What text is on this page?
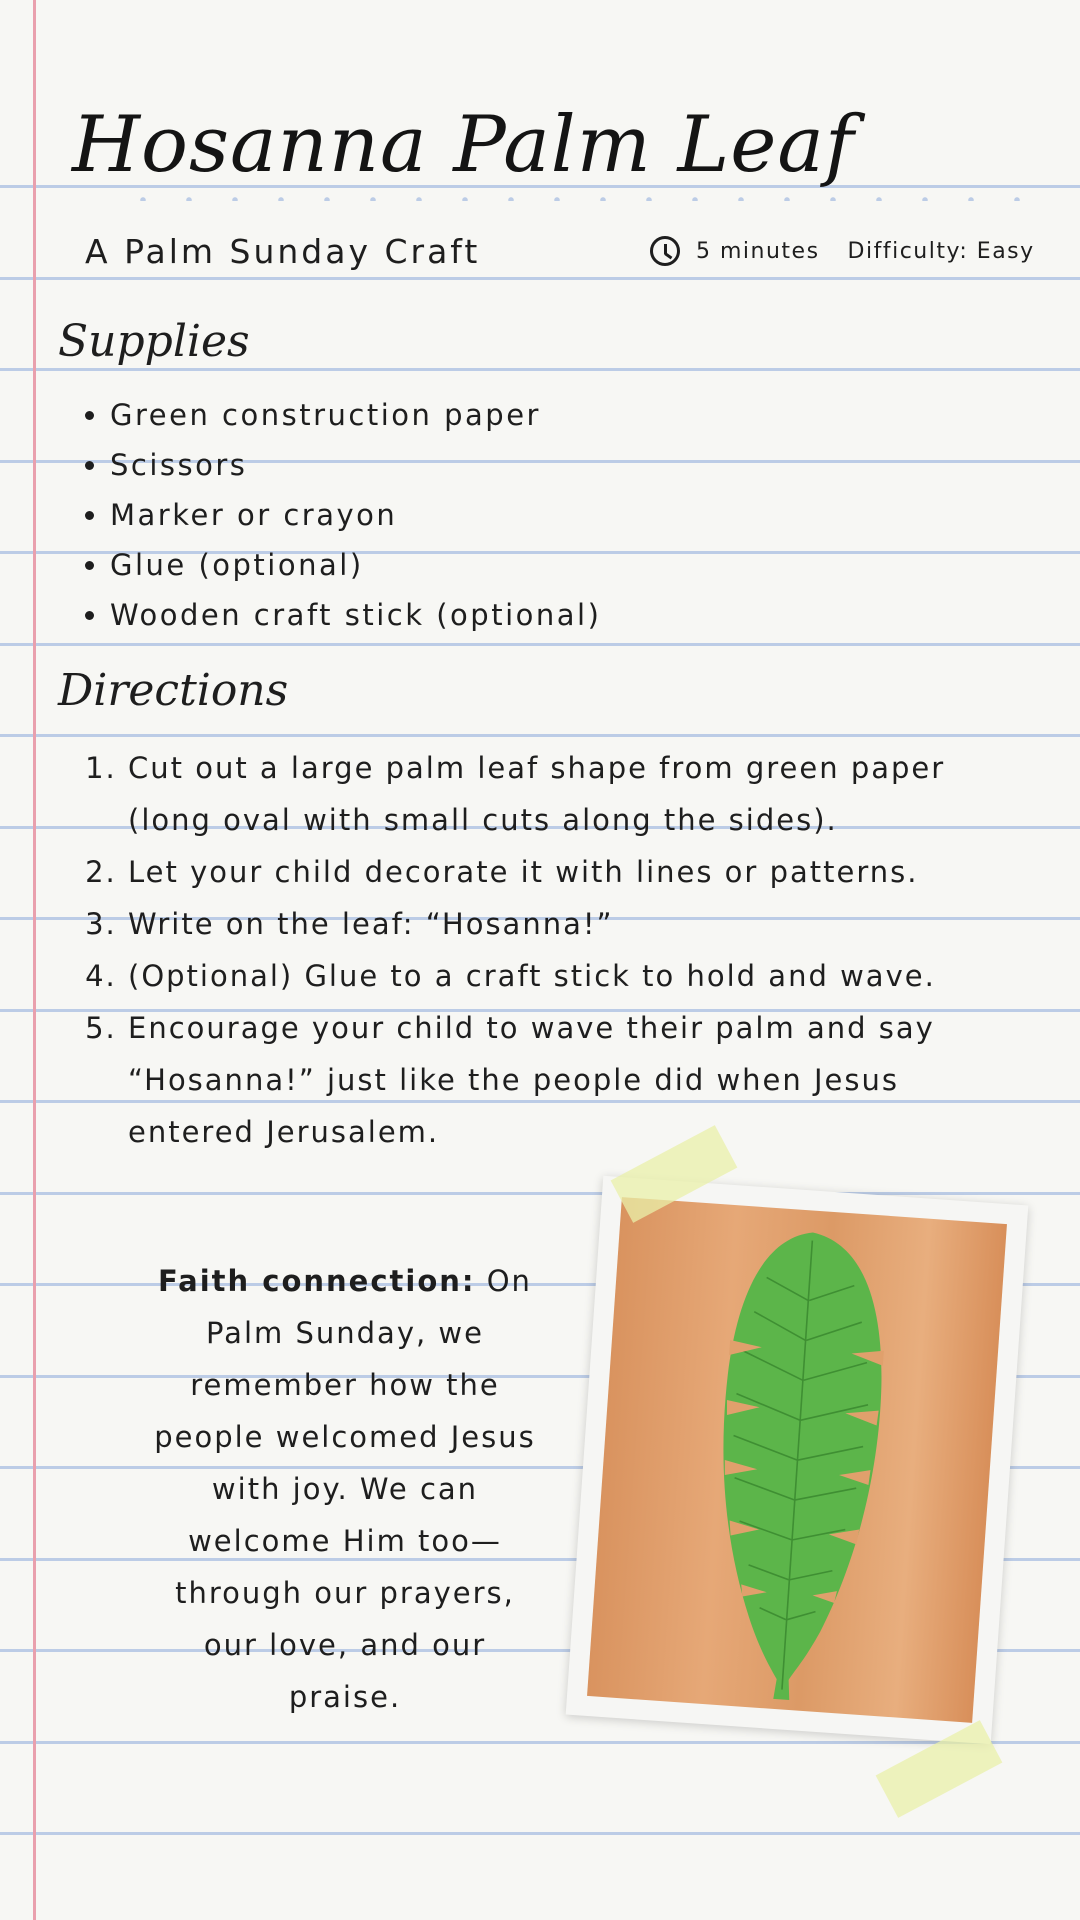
Hosanna Palm Leaf
A Palm Sunday Craft	5 minutes Difficulty: Easy
Supplies
• Green construction paper
• Scissors
• Marker or crayon
• Glue (optional)
• Wooden craft stick (optional)
Directions
1. Cut out a large palm leaf shape from green paper (long oval with small cuts along the sides).
2. Let your child decorate it with lines or patterns.
3. Write on the leaf: “Hosanna!”
4. (Optional) Glue to a craft stick to hold and wave.
5. Encourage your child to wave their palm and say “Hosanna!” just like the people did when Jesus entered Jerusalem.
Faith connection: On Palm Sunday, we remember how the people welcomed Jesus with joy. We can welcome Him too—through our prayers, our love, and our praise.
